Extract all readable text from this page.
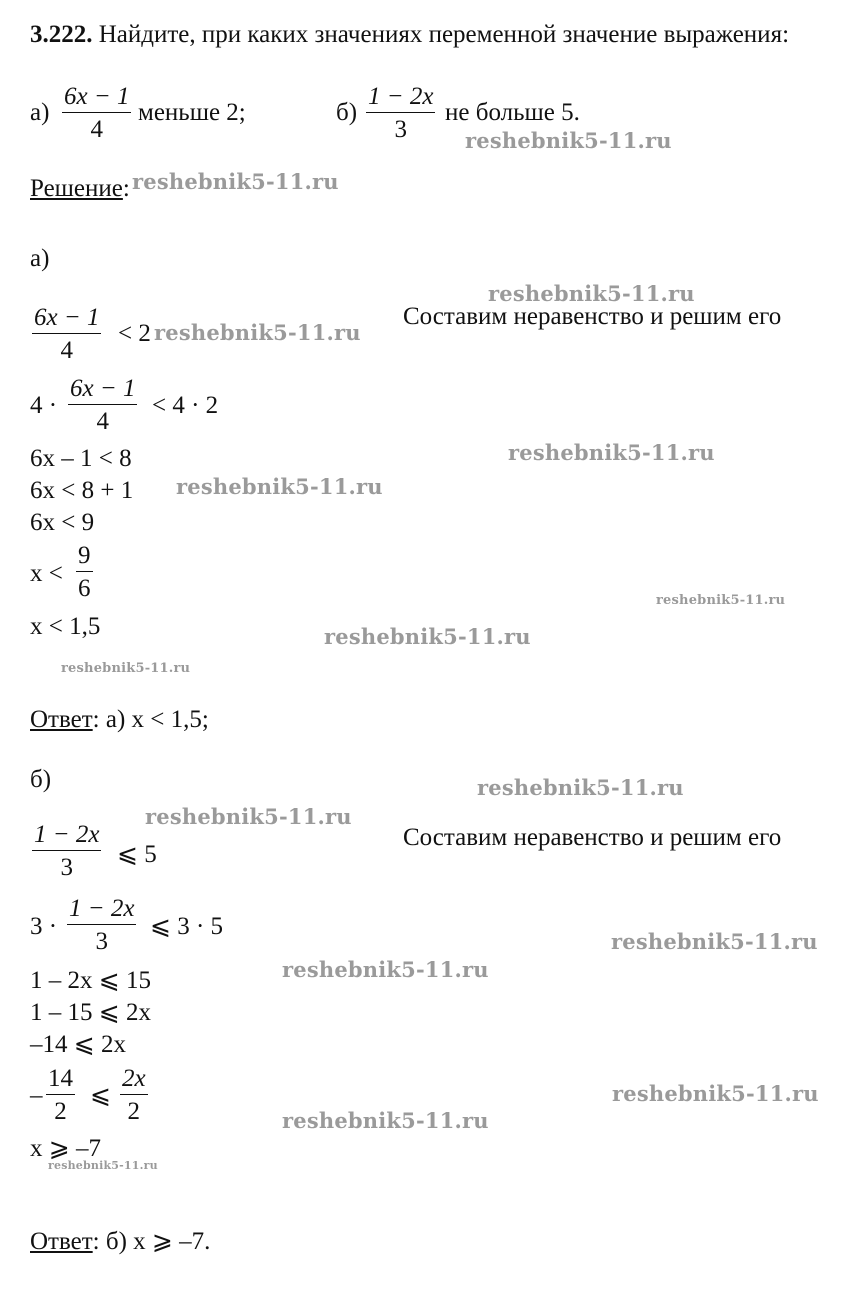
3.222. Найдите, при каких значениях переменной значение выражения:
а)
6x − 1
4
меньше 2;	б)
1 − 2x
3
не больше 5.
Решение:
а)
6x − 1
4
< 2
Составим неравенство и решим его
4 ·
6x − 1
4
< 4 · 2
6x – 1 < 8
6x < 8 + 1
6x < 9
x <
9
6
x < 1,5
Ответ: а) x < 1,5;
б)
1 − 2x
3	⩽ 5
Составим неравенство и решим его
3 ·
1 − 2x
3
⩽ 3 · 5
1 – 2x ⩽ 15
1 – 15 ⩽ 2x
–14 ⩽ 2x
–
14
2
⩽
2x
2
x ⩾ –7
Ответ: б) x ⩾ –7.
reshebnik5-11.ru
reshebnik5-11.ru
reshebnik5-11.ru
reshebnik5-11.ru
reshebnik5-11.ru
reshebnik5-11.ru
reshebnik5-11.ru
reshebnik5-11.ru
reshebnik5-11.ru
reshebnik5-11.ru
reshebnik5-11.ru
reshebnik5-11.ru
reshebnik5-11.ru
reshebnik5-11.ru
reshebnik5-11.ru
reshebnik5-11.ru
